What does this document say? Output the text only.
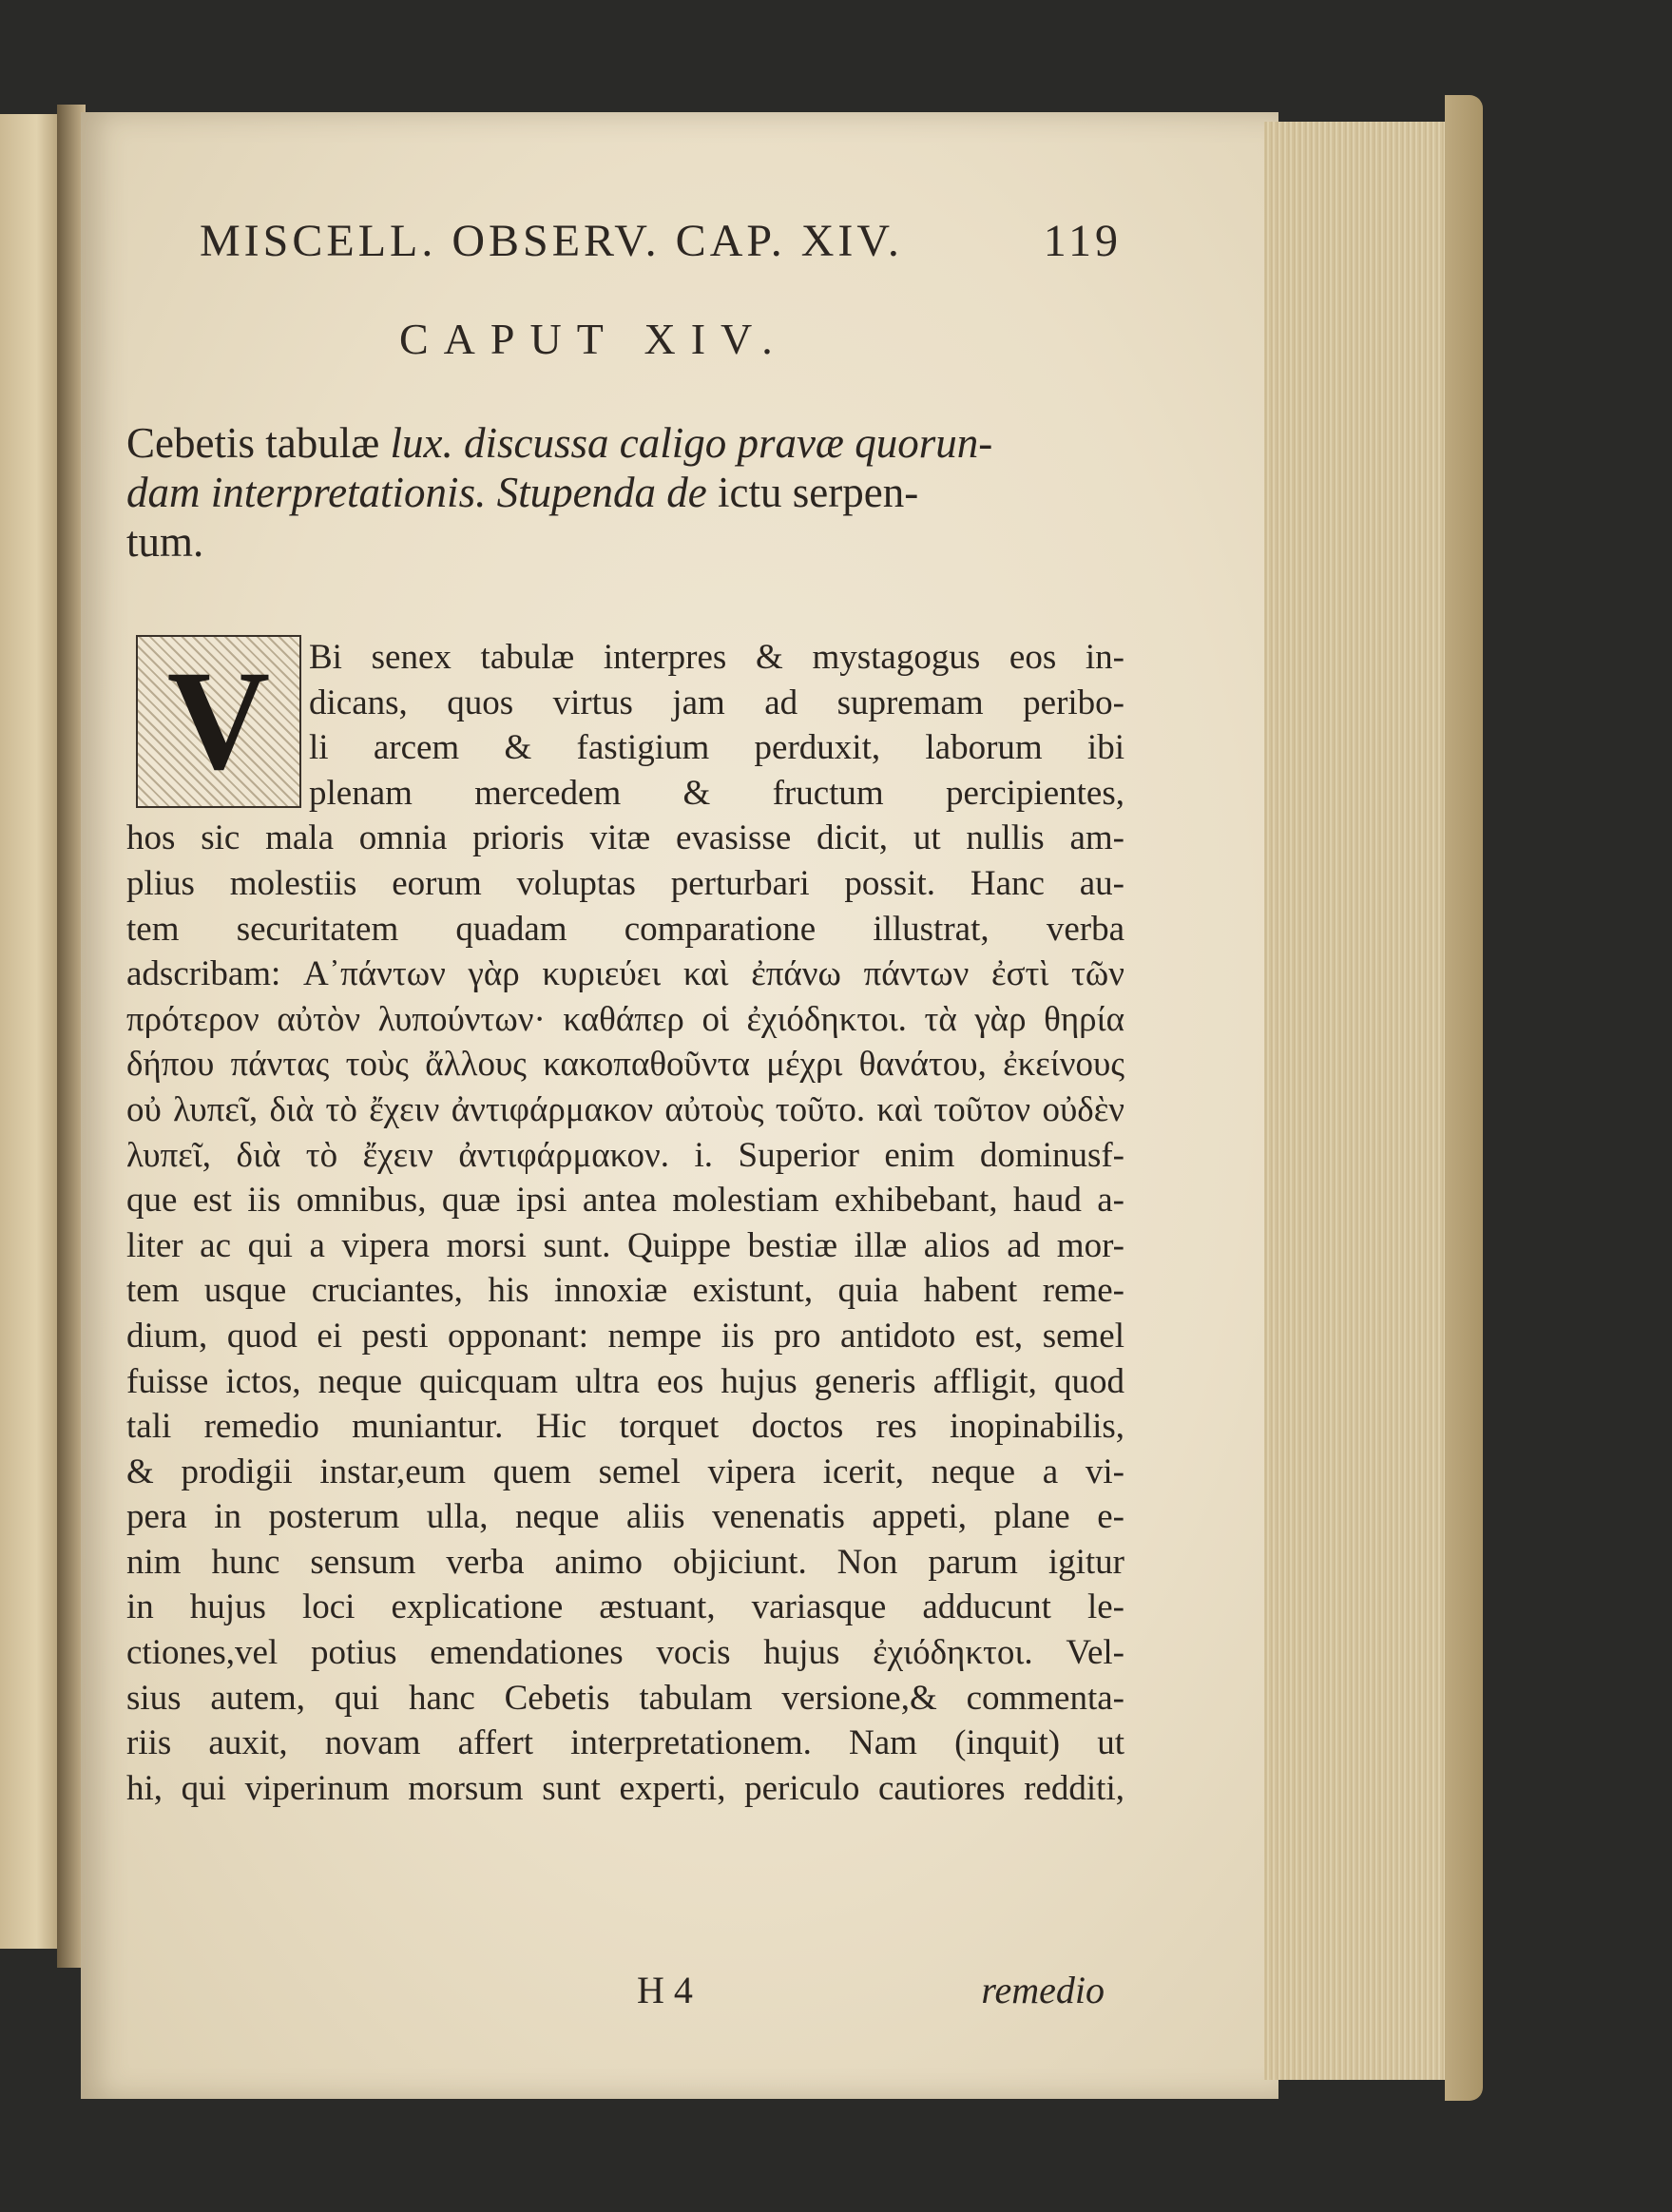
MISCELL. OBSERV. CAP. XIV.	119
CAPUT XIV.
Cebetis tabulæ lux. discussa caligo pravæ quorun-
dam interpretationis. Stupenda de ictu serpen-
tum.
V	Bi senex tabulæ interpres & mystagogus eos in-
dicans, quos virtus jam ad supremam peribo-
li arcem & fastigium perduxit, laborum ibi
plenam mercedem & fructum percipientes,
hos sic mala omnia prioris vitæ evasisse dicit, ut nullis am-
plius molestiis eorum voluptas perturbari possit. Hanc au-
tem securitatem quadam comparatione illustrat, verba
adscribam: Α᾽πάντων γὰρ κυριεύει καὶ ἐπάνω πάντων ἐστὶ τῶν
πρότερον αὐτὸν λυπούντων· καθάπερ οἱ ἐχιόδηκτοι. τὰ γὰρ θηρία
δήπου πάντας τοὺς ἄλλους κακοπαθοῦντα μέχρι θανάτου, ἐκείνους
οὐ λυπεῖ, διὰ τὸ ἔχειν ἀντιφάρμακον αὐτοὺς τοῦτο. καὶ τοῦτον οὐδὲν
λυπεῖ, διὰ τὸ ἔχειν ἀντιφάρμακον. i. Superior enim dominusf-
que est iis omnibus, quæ ipsi antea molestiam exhibebant, haud a-
liter ac qui a vipera morsi sunt. Quippe bestiæ illæ alios ad mor-
tem usque cruciantes, his innoxiæ existunt, quia habent reme-
dium, quod ei pesti opponant: nempe iis pro antidoto est, semel
fuisse ictos, neque quicquam ultra eos hujus generis affligit, quod
tali remedio muniantur. Hic torquet doctos res inopinabilis,
& prodigii instar,eum quem semel vipera icerit, neque a vi-
pera in posterum ulla, neque aliis venenatis appeti, plane e-
nim hunc sensum verba animo objiciunt. Non parum igitur
in hujus loci explicatione æstuant, variasque adducunt le-
ctiones,vel potius emendationes vocis hujus ἐχιόδηκτοι. Vel-
sius autem, qui hanc Cebetis tabulam versione,& commenta-
riis auxit, novam affert interpretationem. Nam (inquit) ut
hi, qui viperinum morsum sunt experti, periculo cautiores redditi,
H 4	remedio
